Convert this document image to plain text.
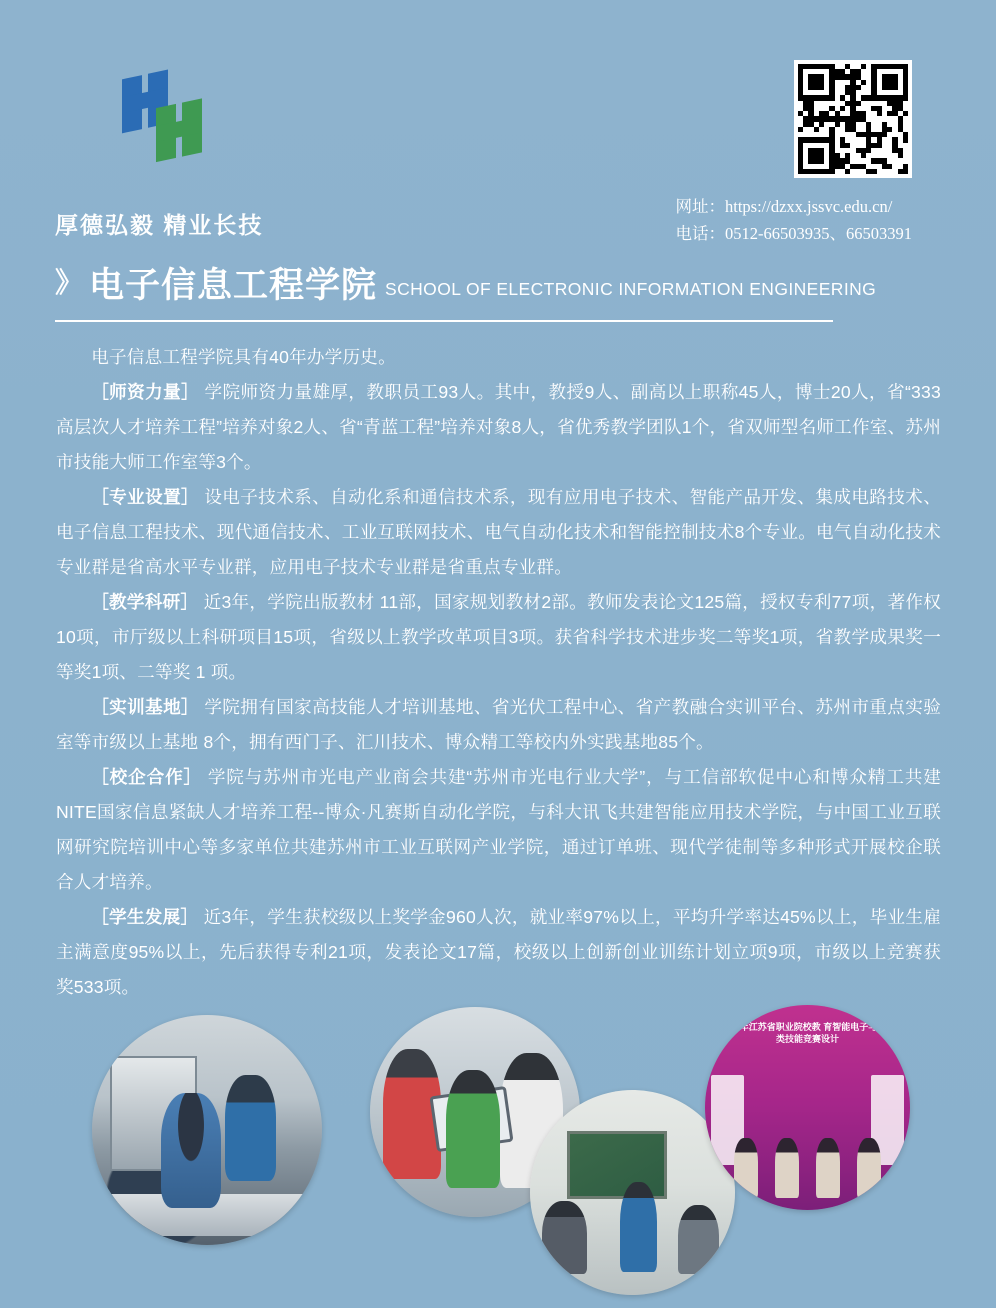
厚德弘毅 精业长技
网址：https://dzxx.jssvc.edu.cn/
电话：0512-66503935、66503391
》 电子信息工程学院 SCHOOL OF ELECTRONIC INFORMATION ENGINEERING

电子信息工程学院具有40年办学历史。

［师资力量］ 学院师资力量雄厚，教职员工93人。其中，教授9人、副高以上职称45人，博士20人，省“333高层次人才培养工程”培养对象2人、省“青蓝工程”培养对象8人，省优秀教学团队1个，省双师型名师工作室、苏州市技能大师工作室等3个。

［专业设置］ 设电子技术系、自动化系和通信技术系，现有应用电子技术、智能产品开发、集成电路技术、电子信息工程技术、现代通信技术、工业互联网技术、电气自动化技术和智能控制技术8个专业。电气自动化技术专业群是省高水平专业群，应用电子技术专业群是省重点专业群。

［教学科研］ 近3年，学院出版教材 11部，国家规划教材2部。教师发表论文125篇，授权专利77项，著作权10项，市厅级以上科研项目15项，省级以上教学改革项目3项。获省科学技术进步奖二等奖1项，省教学成果奖一等奖1项、二等奖 1 项。

［实训基地］ 学院拥有国家高技能人才培训基地、省光伏工程中心、省产教融合实训平台、苏州市重点实验室等市级以上基地 8个，拥有西门子、汇川技术、博众精工等校内外实践基地85个。

［校企合作］ 学院与苏州市光电产业商会共建“苏州市光电行业大学”，与工信部软促中心和博众精工共建NITE国家信息紧缺人才培养工程--博众·凡赛斯自动化学院，与科大讯飞共建智能应用技术学院，与中国工业互联网研究院培训中心等多家单位共建苏州市工业互联网产业学院，通过订单班、现代学徒制等多种形式开展校企联合人才培养。

［学生发展］ 近3年，学生获校级以上奖学金960人次，就业率97%以上，平均升学率达45%以上，毕业生雇主满意度95%以上，先后获得专利21项，发表论文17篇，校级以上创新创业训练计划立项9项，市级以上竞赛获奖533项。

2022年江苏省职业院校教 育智能电子与信息类技能竞赛设计
